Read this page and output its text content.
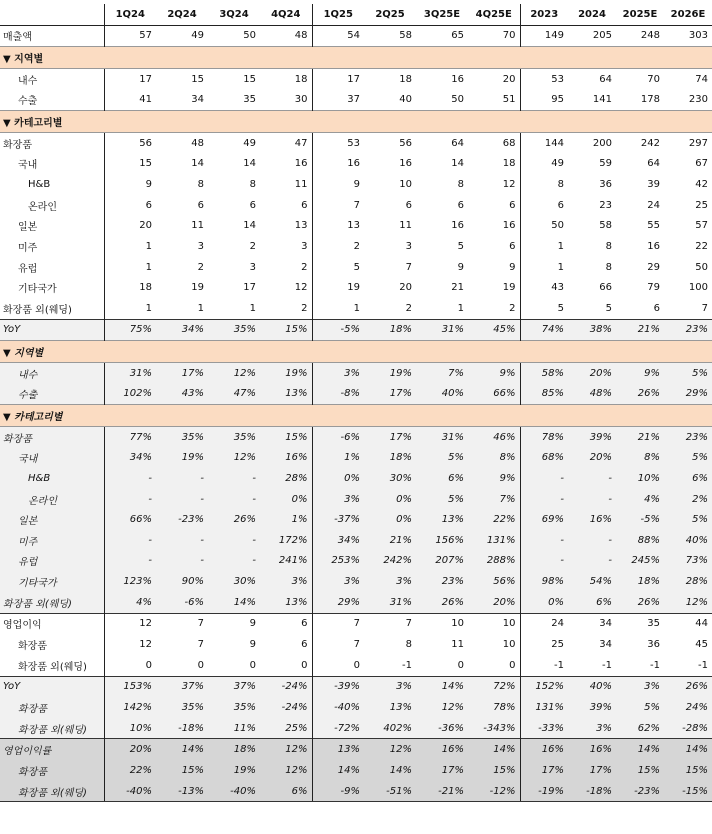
	1Q24	2Q24	3Q24	4Q24	1Q25	2Q25	3Q25E	4Q25E	2023	2024	2025E	2026E
매출액	57	49	50	48	54	58	65	70	149	205	248	303
▼ 지역별												
내수	17	15	15	18	17	18	16	20	53	64	70	74
수출	41	34	35	30	37	40	50	51	95	141	178	230
▼ 카테고리별												
화장품	56	48	49	47	53	56	64	68	144	200	242	297
국내	15	14	14	16	16	16	14	18	49	59	64	67
H&B	9	8	8	11	9	10	8	12	8	36	39	42
온라인	6	6	6	6	7	6	6	6	6	23	24	25
일본	20	11	14	13	13	11	16	16	50	58	55	57
미주	1	3	2	3	2	3	5	6	1	8	16	22
유럽	1	2	3	2	5	7	9	9	1	8	29	50
기타국가	18	19	17	12	19	20	21	19	43	66	79	100
화장품 외(웨딩)	1	1	1	2	1	2	1	2	5	5	6	7
YoY	75%	34%	35%	15%	-5%	18%	31%	45%	74%	38%	21%	23%
▼ 지역별												
내수	31%	17%	12%	19%	3%	19%	7%	9%	58%	20%	9%	5%
수출	102%	43%	47%	13%	-8%	17%	40%	66%	85%	48%	26%	29%
▼ 카테고리별												
화장품	77%	35%	35%	15%	-6%	17%	31%	46%	78%	39%	21%	23%
국내	34%	19%	12%	16%	1%	18%	5%	8%	68%	20%	8%	5%
H&B	-	-	-	28%	0%	30%	6%	9%	-	-	10%	6%
온라인	-	-	-	0%	3%	0%	5%	7%	-	-	4%	2%
일본	66%	-23%	26%	1%	-37%	0%	13%	22%	69%	16%	-5%	5%
미주	-	-	-	172%	34%	21%	156%	131%	-	-	88%	40%
유럽	-	-	-	241%	253%	242%	207%	288%	-	-	245%	73%
기타국가	123%	90%	30%	3%	3%	3%	23%	56%	98%	54%	18%	28%
화장품 외(웨딩)	4%	-6%	14%	13%	29%	31%	26%	20%	0%	6%	26%	12%
영업이익	12	7	9	6	7	7	10	10	24	34	35	44
화장품	12	7	9	6	7	8	11	10	25	34	36	45
화장품 외(웨딩)	0	0	0	0	0	-1	0	0	-1	-1	-1	-1
YoY	153%	37%	37%	-24%	-39%	3%	14%	72%	152%	40%	3%	26%
화장품	142%	35%	35%	-24%	-40%	13%	12%	78%	131%	39%	5%	24%
화장품 외(웨딩)	10%	-18%	11%	25%	-72%	402%	-36%	-343%	-33%	3%	62%	-28%
영업이익률	20%	14%	18%	12%	13%	12%	16%	14%	16%	16%	14%	14%
화장품	22%	15%	19%	12%	14%	14%	17%	15%	17%	17%	15%	15%
화장품 외(웨딩)	-40%	-13%	-40%	6%	-9%	-51%	-21%	-12%	-19%	-18%	-23%	-15%
